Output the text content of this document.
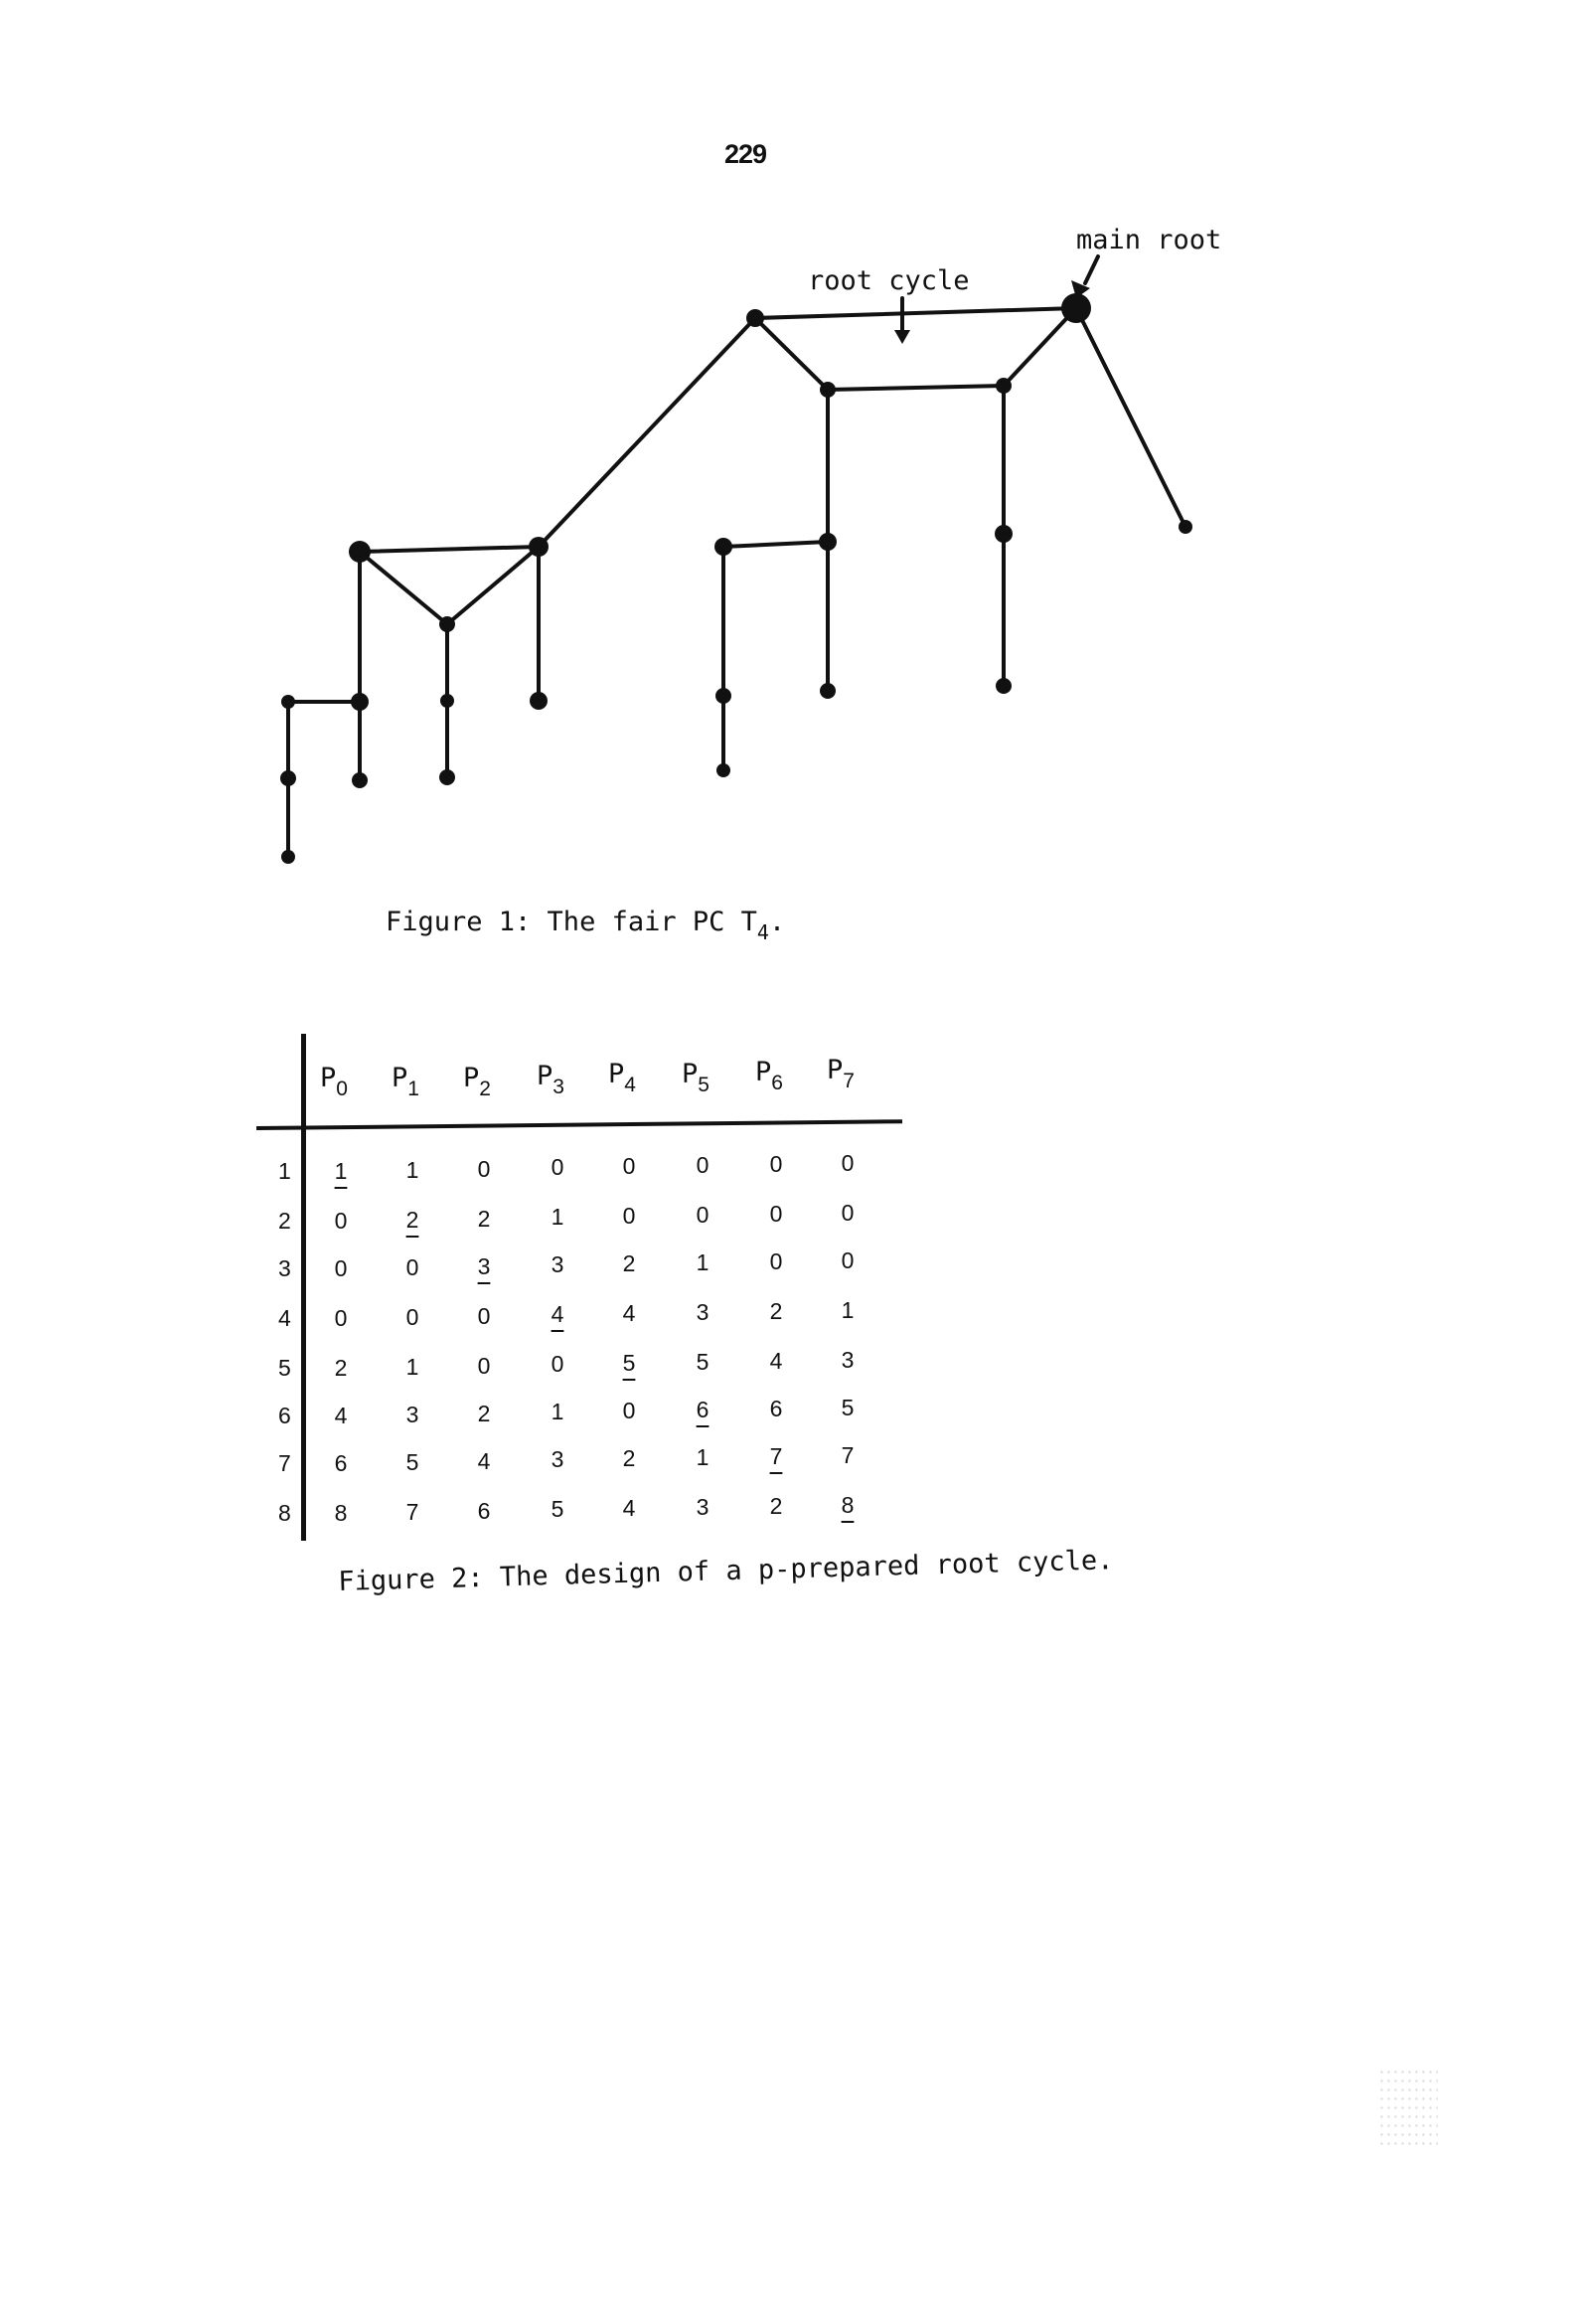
229
main root
root cycle
Figure 1: The fair PC $T_4$.
$P_0$ $P_1$ $P_2$ $P_3$ $P_4$ $P_5$ $P_6$ $P_7$
1	1	1	0	0	0	0	0	0
2	0	2	2	1	0	0	0	0
3	0	0	3	3	2	1	0	0
4	0	0	0	4	4	3	2	1
5	2	1	0	0	5	5	4	3
6	4	3	2	1	0	6	6	5
7	6	5	4	3	2	1	7	7
8	8	7	6	5	4	3	2	8
Figure 2: The design of a p-prepared root cycle.
